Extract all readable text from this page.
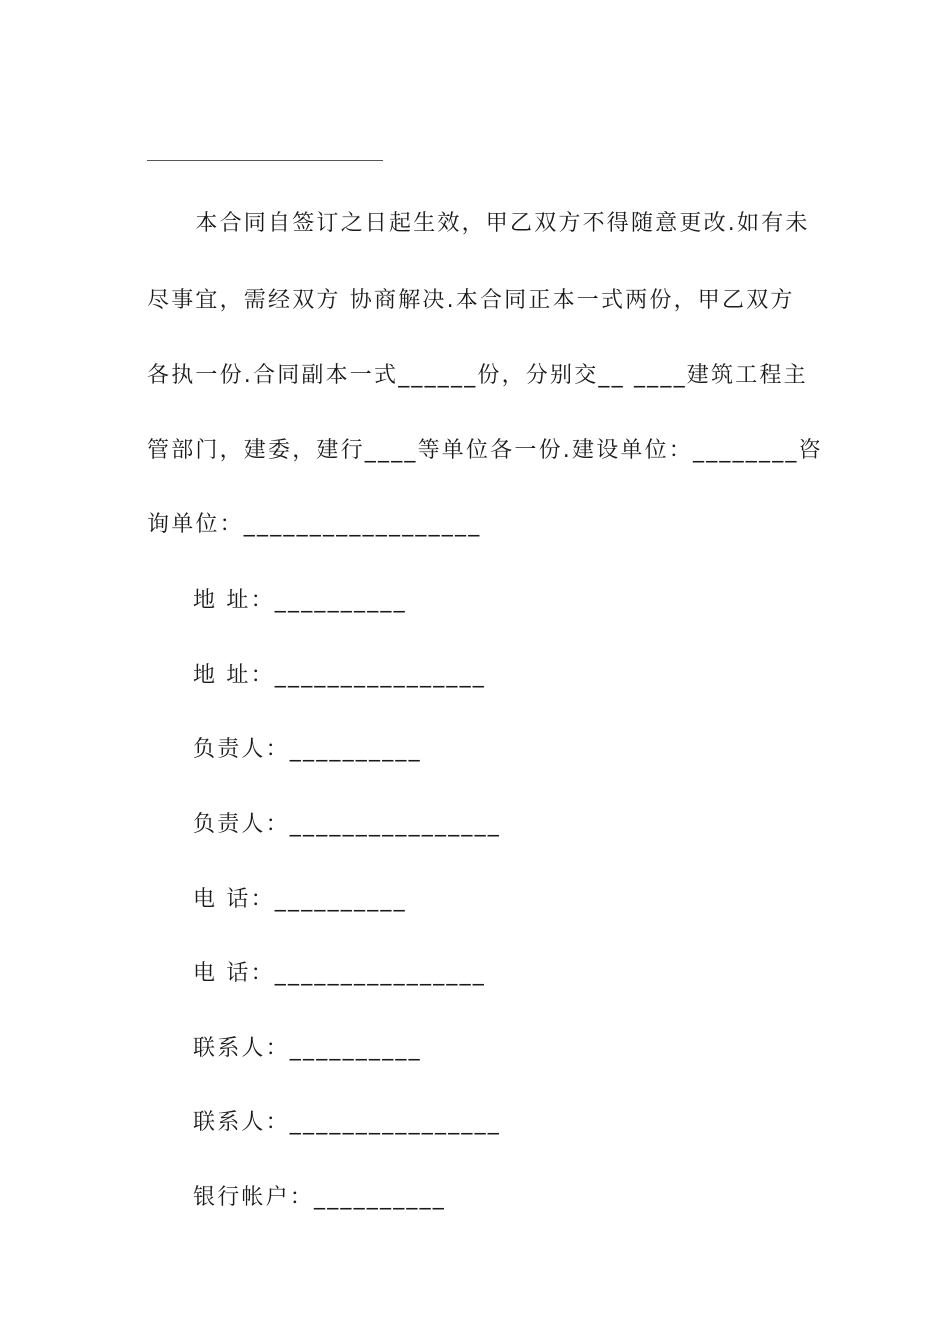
　　本合同自签订之日起生效，甲乙双方不得随意更改.如有未
尽事宜，需经双方 协商解决.本合同正本一式两份，甲乙双方
各执一份.合同副本一式______份，分别交__ ____建筑工程主
管部门，建委，建行____等单位各一份.建设单位：________咨
询单位：__________________
地 址：__________
地 址：________________
负责人：__________
负责人：________________
电 话：__________
电 话：________________
联系人：__________
联系人：________________
银行帐户：__________
